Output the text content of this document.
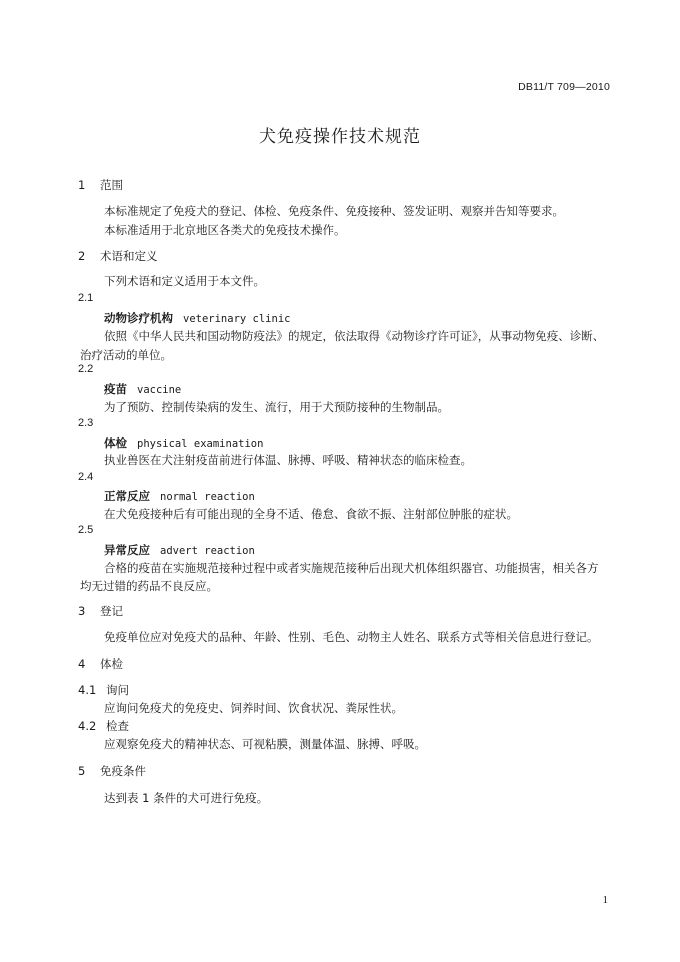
DB11/T 709—2010
犬免疫操作技术规范
1 范围
本标准规定了免疫犬的登记、体检、免疫条件、免疫接种、签发证明、观察并告知等要求。
本标准适用于北京地区各类犬的免疫技术操作。
2 术语和定义
下列术语和定义适用于本文件。
2.1
动物诊疗机构 veterinary clinic
依照《中华人民共和国动物防疫法》的规定，依法取得《动物诊疗许可证》，从事动物免疫、诊断、
治疗活动的单位。
2.2
疫苗 vaccine
为了预防、控制传染病的发生、流行，用于犬预防接种的生物制品。
2.3
体检 physical examination
执业兽医在犬注射疫苗前进行体温、脉搏、呼吸、精神状态的临床检查。
2.4
正常反应 normal reaction
在犬免疫接种后有可能出现的全身不适、倦怠、食欲不振、注射部位肿胀的症状。
2.5
异常反应 advert reaction
合格的疫苗在实施规范接种过程中或者实施规范接种后出现犬机体组织器官、功能损害，相关各方
均无过错的药品不良反应。
3 登记
免疫单位应对免疫犬的品种、年龄、性别、毛色、动物主人姓名、联系方式等相关信息进行登记。
4 体检
4.1 询问
应询问免疫犬的免疫史、饲养时间、饮食状况、粪尿性状。
4.2 检查
应观察免疫犬的精神状态、可视粘膜，测量体温、脉搏、呼吸。
5 免疫条件
达到表 1 条件的犬可进行免疫。
1
